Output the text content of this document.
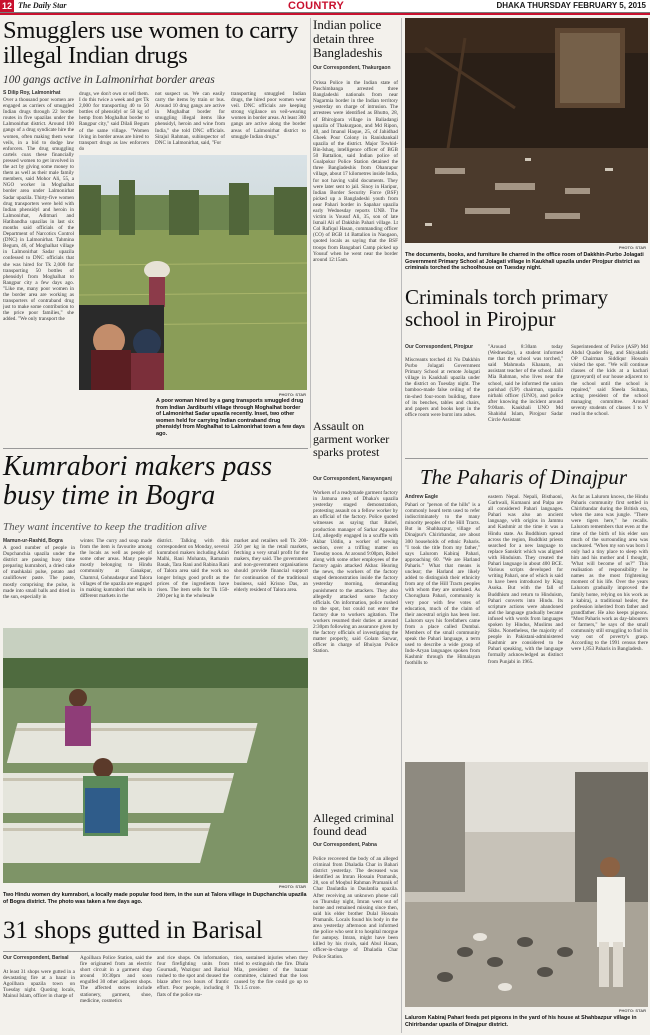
12 The Daily Star	COUNTRY	DHAKA THURSDAY FEBRUARY 5, 2015
Smugglers use women to carry illegal Indian drugs
100 gangs active in Lalmonirhat border areas
S Dilip Roy, Lalmonirhat
Over a thousand poor women are engaged as carriers of smuggled Indian drugs through 22 border routes in five upazilas under the Lalmonirhat district. Around 100 gangs of a drug syndicate hire the women, often making them wear veils, in a bid to dodge law enforcers. The drug smuggling cartels coax these financially pressed women to get involved in the act by giving some money to them as well as their male family members, said Mohor Ali, 55, a NGO worker in Moghalhat border area under Lalmonirhat Sadar upazila. Thirty-five women drug transporters were held with Indian phensidyl and heroin in Lalmonirhat, Aditmari and Hatibandha upazilas in last six months said officials of the Department of Narcotics Control (DNC) in Lalmonirhat. Tahmina Begum, 46, of Moghalhat village in Lalmonirhat Sadar upazila confessed to DNC officials that she was hired for Tk 2,000 for transporting 50 bottles of phensidyl from Moghalhat to Rangpur city a few days ago. "Like me, many poor women in the border area are working as transporters of contraband drug just to make some contribution to the price poor families," she added. "We only transport the
drugs, we don't own or sell them. I do this twice a week and get Tk 2,000 for transporting 40 to 50 bottles of phensidyl or 50 kg of hemp from Moghalhat border to Rangpur city," said Dilali Begum of the same village. "Women living in border areas are hired to transport drugs as law enforcers do
not suspect us. We can easily carry the items by train or bus. Around 10 drug gangs are active in Moghalhat border for smuggling illegal items like phensidyl, heroin and wine from India," she told DNC officials. Sirajul Rahman, subinspector of DNC in Lalmonirhat, said, "For
transporting smuggled Indian drugs, the hired poor women wear veil. DNC officials are keeping strong vigilance on veil-wearing women in border areas. At least 300 gangs are active along the border areas of Lalmonirhat district to smuggle Indian drugs."
PHOTO: STAR
A poor woman hired by a gang transports smuggled drug from Indian Jardiburhi village through Moghalhat border of Lalmonirhat Sadar upazila recently. Inset, two other women held for carrying Indian contraband drug phensidyl from Moghalhat to Lalmonirhat town a few days ago.
Indian police detain three Bangladeshis
Our Correspondent, Thakurgaon
Orissa Police in the Indian state of Paschimbanga arrested three Bangladeshi nationals from near Nagarmia border in the Indian territory yesterday on charge of intrusion. The arrestees were identified as Bhutto, 28, of Bhirojpara village in Baliadangi upazila of Thakurgaon, and Md Ripon, 40, and Imanul Haque, 25, of Jahidhad Gheek Pour Colony in Ranishankail upazila of the district. Major Towhid-Bin-Ishaq, intelligence officer of BGB 50 Battalion, said Indian police of Goalpokur Police Station detained the three Bangladeshis from Ohanrapur village, about 17 kilometres inside India, for not having valid documents. They were later sent to jail. Sinoy in Haripur, Indian Border Security Force (BSF) picked up a Bangladeshi youth from near Pahari border in Sapahar upazila early Wednesday reports UNB. The victim is Yousuf Ali, 35, son of late Ismail Ali of Dakkhin Pahari village. Lt Col Rafiqul Hasan, commanding officer (CO) of BGB 14 Battalion in Naogaon, quoted locals as saying that the BSF troops from Bangabari Camp picked up Yousuf when he went near the border around 12:15am.
Assault on garment worker sparks protest
Our Correspondent, Narayanganj
Workers of a readymade garment factory in Jamuna area of Dhaka's upazila yesterday staged demonstration, protesting assault on a fellow worker by an official of the factory. Police quoted witnesses as saying that Rubel, production manager of Sarkar Apparels Ltd, allegedly engaged in a scuffle with Akbar Uddin, a worker of sewing section, over a trifling matter on Tuesday noon. At around 9:00pm, Rubel along with some other employees of the factory again attacked Akbar. Hearing the news, the workers of the factory staged demonstration inside the factory yesterday morning, demanding punishment to the attackers. They also allegedly attacked some factory officials. On information, police rushed to the spot, but could not enter the factory due to workers agitation. The workers resumed their duties at around 2:30pm following an assurance given by the factory officials of investigating the matter properly, said Golam Sarwar, officer in charge of Bhuiyan Police Station.
Alleged criminal found dead
Our Correspondent, Pabna
Police recovered the body of an alleged criminal from Dhaladia Char in Bahari district yesterday. The deceased was identified as Imran Hossain Pramanik, 28, son of Moqbul Rahman Pramanik of Char Daulatdia in Daulatdia upazila. After receiving an unknown phone call on Thursday night, Imran went out of home and remained missing since then, said his elder brother Dulal Hossain Pramanik. Locals found his body in the area yesterday afternoon and informed the police who sent it to hospital morgue for autopsy. Imran, might have been killed by his rivals, said Abul Hasan, officer-in-charge of Dhaladia Char Police Station.
PHOTO: STAR
The documents, books, and furniture lie charred in the office room of Dakkhin-Purbo Jolagati Government Primary School at Jolagati village in Kaukhali upazila under Pirojpur district as criminals torched the schoolhouse on Tuesday night.
Criminals torch primary school in Pirojpur
Our Correspondent, Pirojpur
Miscreants torched 41 No Dakkhin Purbo Jolagati Government Primary School at remote Jolagati village in Kaukhali upazila under the district on Tuesday night. The bamboo-made false ceiling of the tin-shed four-room building, three of its benches, tables and chairs, and papers and books kept in the office room were burnt into ashes.
"Around 8:30am today (Wednesday), a student informed me that the school was torched," said Mahmuda Khanam, an assistant teacher of the school. Jalil Mia Rahman, who lives near the school, said he informed the union parishad (UP) chairman, upazila nirbahi officer (UNO), and police after knowing the incident around 9:00am. Kaukhali UNO Md Shahidul Islam, Pirojpur Sadar Circle Assistant
Superintendent of Police (ASP) Md Abdul Quader Beg, and Shiyakathi OP Chairman Siddiqur Hossain visited the spot. "We will continue classes of the kids at a kachari (graveyard) of our house adjacent to the school until the school is repaired," said Sheela Sultana, acting president of the school managing committee. Around seventy students of classes I to V read in the school.
The Paharis of Dinajpur
Andrew Eagle
Pahari or "person of the hills" is a commonly heard term used to refer indiscriminately to the many minority peoples of the Hill Tracts. But in Shahbazpur, village of Dinajpur's Chirirbandar, are about 300 households of ethnic Paharis. "I took the title from my father," says Lalurom Kabiraj Pahari, approaching 60. "We are Harland Paharis." What that means is unclear; the Harland are likely added to distinguish their ethnicity from any of the Hill Tracts peoples with whom they are unrelated. As Chorugbara Pahari, community is very poor with few votes of education, much of the claim of their ancestral origin has been lost. Lalurom says his forefathers came from a place called Dumbai. Members of the small community speak the Pahari language, a term used to describe a wide group of Indo-Aryan languages spoken from Kashmir through the Himalayan foothills to
eastern Nepal. Nepali, Bisthaoni, Garhwali, Kumauni and Palpa are all considered Pahari languages. Pahari was also an ancient language, with origins in Jammu and Kashmir at the time it was a Hindu state. As Buddhism spread across the region, Buddhist priests searched for a new language to replace Sanskrit which was aligned with Hinduism. They created the Pahari language in about 400 BCE. Various scripts developed for writing Pahari, one of which is said to have been introduced by King Asoka. But with the fall of Buddhism and return to Hinduism, Pahari converts into Hindu. Its scripture actions were abandoned and the language gradually became infused with words from languages spoken by Hindus, Muslims and Sikhs. Nonetheless, the majority of people in Pakistani-administered Kashmir are considered to be Pahari speaking, with the language formally acknowledged as distinct from Punjabi in 1965.
As far as Lalurom knows, the Hindu Paharis community first settled in Chirirbandar during the British era, when the area was jungle. "There were tigers here," he recalls. Lalurom remembers that even at the time of the birth of his elder son much of the surrounding area was uncleared. "When my son was born I only had a tiny place to sleep with him and his mother and I thought, 'What will become of us?'" This realisation of responsibility he names as the most frightening moment of his life. Over the years Lalurom gradually improved the family home, relying on his work as a kabiraj, a traditional healer, the profession inherited from father and grandfather. He also keeps pigeons. "Most Paharis work as day-labourers or farmers," he says of the small community still struggling to find its way out of poverty's grasp. According to the 1991 census there were 1,853 Paharis in Bangladesh.
PHOTO: STAR
Lalurom Kabiraj Pahari feeds pet pigeons in the yard of his house at Shahbazpur village in Chirirbandar upazila of Dinajpur district.
Kumrabori makers pass busy time in Bogra
They want incentive to keep the tradition alive
Mamun-ur-Rashid, Bogra
A good number of people in Dupchanchia upazila under the district are passing busy time preparing kumrabori, a dried cake of mashkalai pulse, potato and cauliflower paste. The paste, mostly comprising the pulse, is made into small balls and dried in the sun, especially in
winter. The curry and soup made from the item is favourite among the locals as well as people of some other areas. Many people mostly belonging to Hindu community at Ganakpur, Chamrul, Gohnadaspur and Talora villages of the upazila are engaged in making kumrabori that sells in different markets in the
district. Talking with this correspondent on Monday, several kumrabori makers including Adari Malhi, Rani Mohanta, Ramanin Basak, Tara Rani and Rabina Rani of Talora area said the work no longer brings good profit as the prices of the ingredients have risen. The item sells for Tk 150-200 per kg in the wholesale
market and retailers sell Tk 200-250 per kg in the retail markets, fetching a very small profit for the makers, they said. The government and non-government organisations should provide financial support for continuation of the traditional business, said Krisno Das, an elderly resident of Talora area.
PHOTO: STAR
Two Hindu women dry kumrabori, a locally made popular food item, in the sun at Talora village in Dupchanchia upazila of Bogra district. The photo was taken a few days ago.
31 shops gutted in Barisal
Our Correspondent, Barisal
At least 31 shops were gutted in a devastating fire at a bazar in Agoilhara upazila town on Tuesday night. Quoting locals, Mainul Islam, officer in charge of
Agoilhara Police Station, said the fire originated from an electric short circuit in a garment shop around 10:30pm and soon engulfed 30 other adjacent shops. The affected stores include stationery, garment, shoe, medicine, cosmetics
and rice shops. On information, four firefighting units from Gournadi, Wazirpur and Barisal rushed to the spot and doused the blaze after two hours of frantic effort. Poor people, including 8 flats of the police sta-
tion, sustained injuries when they tried to extinguish the fire. Dhala Mia, president of the bazaar committee, claimed that the loss caused by the fire could go up to Tk 1.5 crore.
